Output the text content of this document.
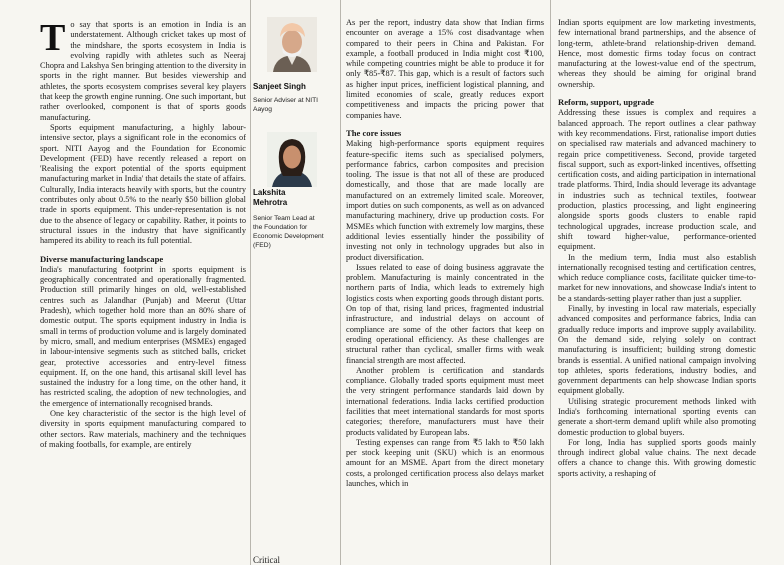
To say that sports is an emotion in India is an understatement. Although cricket takes up most of the mindshare, the sports ecosystem in India is evolving rapidly with athletes such as Neeraj Chopra and Lakshya Sen bringing attention to the diversity in sports in the right manner. But besides viewership and athletes, the sports ecosystem comprises several key players that keep the growth engine running. One such important, but rather overlooked, component is that of sports goods manufacturing.

Sports equipment manufacturing, a highly labour-intensive sector, plays a significant role in the economics of sport. NITI Aayog and the Foundation for Economic Development (FED) have recently released a report on 'Realising the export potential of the sports equipment manufacturing market in India' that details the state of affairs. Culturally, India interacts heavily with sports, but the country contributes only about 0.5% to the nearly $50 billion global trade in sports equipment. This under-representation is not due to the absence of legacy or capability. Rather, it points to structural issues in the industry that have significantly hampered its ability to reach its full potential.

Diverse manufacturing landscape

India's manufacturing footprint in sports equipment is geographically concentrated and operationally fragmented. Production still primarily hinges on old, well-established centres such as Jalandhar (Punjab) and Meerut (Uttar Pradesh), which together hold more than an 80% share of domestic output. The sports equipment industry in India is small in terms of production volume and is largely dominated by micro, small, and medium enterprises (MSMEs) engaged in labour-intensive segments such as stitched balls, cricket gear, protective accessories and entry-level fitness equipment. If, on the one hand, this artisanal skill level has sustained the industry for a long time, on the other hand, it has restricted scaling, the adoption of new technologies, and the emergence of internationally recognised brands.

One key characteristic of the sector is the high level of diversity in sports equipment manufacturing compared to other sectors. Raw materials, machinery and the techniques of making footballs, for example, are entirely

Sanjeet Singh
Senior Adviser at NITI Aayog
Lakshita Mehrotra
Senior Team Lead at the Foundation for Economic Development (FED)
Critical

As per the report, industry data show that Indian firms encounter on average a 15% cost disadvantage when compared to their peers in China and Pakistan. For example, a football produced in India might cost ₹100, while competing countries might be able to produce it for only ₹85-₹87. This gap, which is a result of factors such as higher input prices, inefficient logistical planning, and limited economies of scale, greatly reduces export competitiveness and impacts the pricing power that companies have.

The core issues

Making high-performance sports equipment requires feature-specific items such as specialised polymers, performance fabrics, carbon composites and precision tooling. The issue is that not all of these are produced domestically, and those that are made locally are manufactured on an extremely limited scale. Moreover, import duties on such components, as well as on advanced manufacturing machinery, drive up production costs. For MSMEs which function with extremely low margins, these additional levies essentially hinder the possibility of investing not only in technology upgrades but also in product diversification.

Issues related to ease of doing business aggravate the problem. Manufacturing is mainly concentrated in the northern parts of India, which leads to extremely high logistics costs when exporting goods through distant ports. On top of that, rising land prices, fragmented industrial infrastructure, and industrial delays on account of compliance are some of the other factors that keep on eroding operational efficiency. As these challenges are structural rather than cyclical, smaller firms with weak financial strength are most affected.

Another problem is certification and standards compliance. Globally traded sports equipment must meet the very stringent performance standards laid down by international federations. India lacks certified production facilities that meet international standards for most sports categories; therefore, manufacturers must have their products validated by European labs.

Testing expenses can range from ₹5 lakh to ₹50 lakh per stock keeping unit (SKU) which is an enormous amount for an MSME. Apart from the direct monetary costs, a prolonged certification process also delays market launches, which in

Indian sports equipment are low marketing investments, few international brand partnerships, and the absence of long-term, athlete-brand relationship-driven demand. Hence, most domestic firms today focus on contract manufacturing at the lowest-value end of the spectrum, whereas they should be aiming for original brand ownership.

Reform, support, upgrade

Addressing these issues is complex and requires a balanced approach. The report outlines a clear pathway with key recommendations. First, rationalise import duties on specialised raw materials and advanced machinery to regain price competitiveness. Second, provide targeted fiscal support, such as export-linked incentives, offsetting certification costs, and aiding participation in international trade platforms. Third, India should leverage its advantage in industries such as technical textiles, footwear production, plastics processing, and light engineering alongside sports goods clusters to enable rapid technological upgrades, increase production scale, and shift toward higher-value, performance-oriented equipment.

In the medium term, India must also establish internationally recognised testing and certification centres, which reduce compliance costs, facilitate quicker time-to-market for new innovations, and showcase India's intent to be a standards-setting player rather than just a supplier.

Finally, by investing in local raw materials, especially advanced composites and performance fabrics, India can gradually reduce imports and improve supply availability. On the demand side, relying solely on contract manufacturing is insufficient; building strong domestic brands is essential. A unified national campaign involving top athletes, sports federations, industry bodies, and government departments can help showcase Indian sports equipment globally.

Utilising strategic procurement methods linked with India's forthcoming international sporting events can generate a short-term demand uplift while also promoting domestic production to global buyers.

For long, India has supplied sports goods mainly through indirect global value chains. The next decade offers a chance to change this. With growing domestic sports activity, a reshaping of
